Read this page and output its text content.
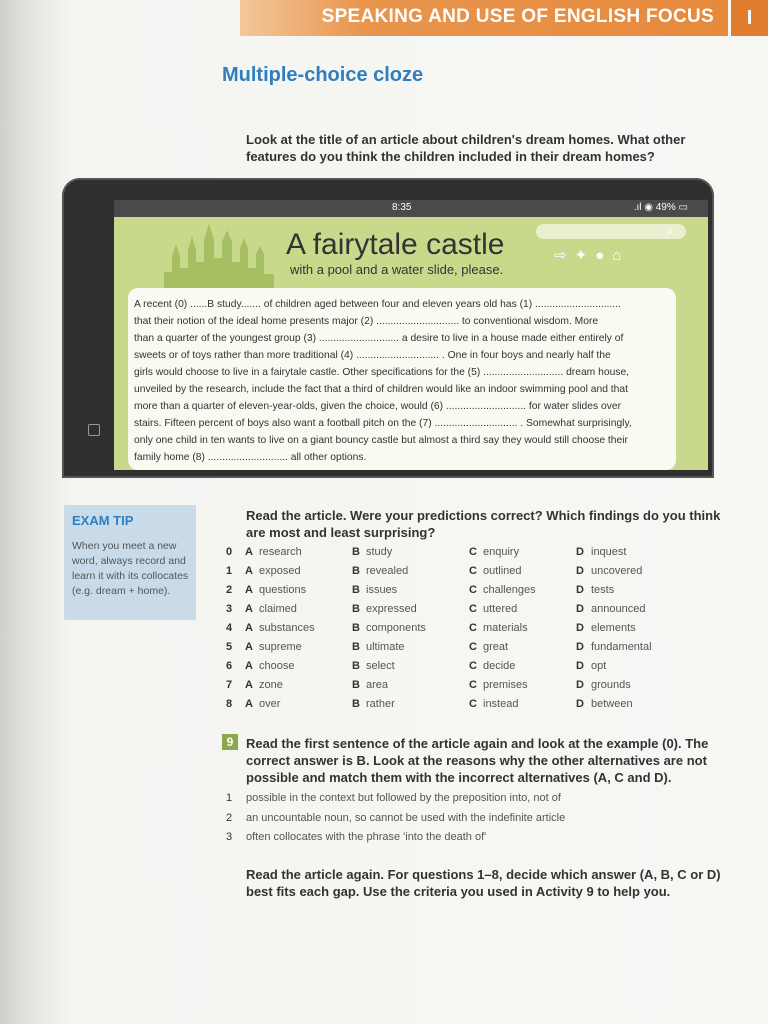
SPEAKING AND USE OF ENGLISH FOCUS	I
Multiple-choice cloze
Look at the title of an article about children's dream homes. What other
features do you think the children included in their dream homes?
8:35	.ıl ◉ 49% ▭
A fairytale castle
with a pool and a water slide, please.
⌕
⇨✦●⌂

A recent (0) ......B study....... of children aged between four and eleven years old has (1) ..............................

that their notion of the ideal home presents major (2) ............................. to conventional wisdom. More

than a quarter of the youngest group (3) ............................ a desire to live in a house made either entirely of

sweets or of toys rather than more traditional (4) ............................. . One in four boys and nearly half the

girls would choose to live in a fairytale castle. Other specifications for the (5) ............................ dream house,

unveiled by the research, include the fact that a third of children would like an indoor swimming pool and that

more than a quarter of eleven-year-olds, given the choice, would (6) ............................ for water slides over

stairs. Fifteen percent of boys also want a football pitch on the (7) ............................. . Somewhat surprisingly,

only one child in ten wants to live on a giant bouncy castle but almost a third say they would still choose their

family home (8) ............................ all other options.

EXAM TIP
When you meet a new word, always record and learn it with its collocates (e.g. dream + home).
Read the article. Were your predictions correct? Which findings do you think
are most and least surprising?
0 A research	B study	C enquiry	D inquest
1 A exposed	B revealed	C outlined	D uncovered
2 A questions	B issues	C challenges	D tests
3 A claimed	B expressed	C uttered	D announced
4 A substances	B components	C materials	D elements
5 A supreme	B ultimate	C great	D fundamental
6 A choose	B select	C decide	D opt
7 A zone	B area	C premises	D grounds
8 A over	B rather	C instead	D between
9 Read the first sentence of the article again and look at the example (0). The
correct answer is B. Look at the reasons why the other alternatives are not
possible and match them with the incorrect alternatives (A, C and D).
1 possible in the context but followed by the preposition into, not of
2 an uncountable noun, so cannot be used with the indefinite article
3 often collocates with the phrase 'into the death of'
Read the article again. For questions 1–8, decide which answer (A, B, C or D)
best fits each gap. Use the criteria you used in Activity 9 to help you.
